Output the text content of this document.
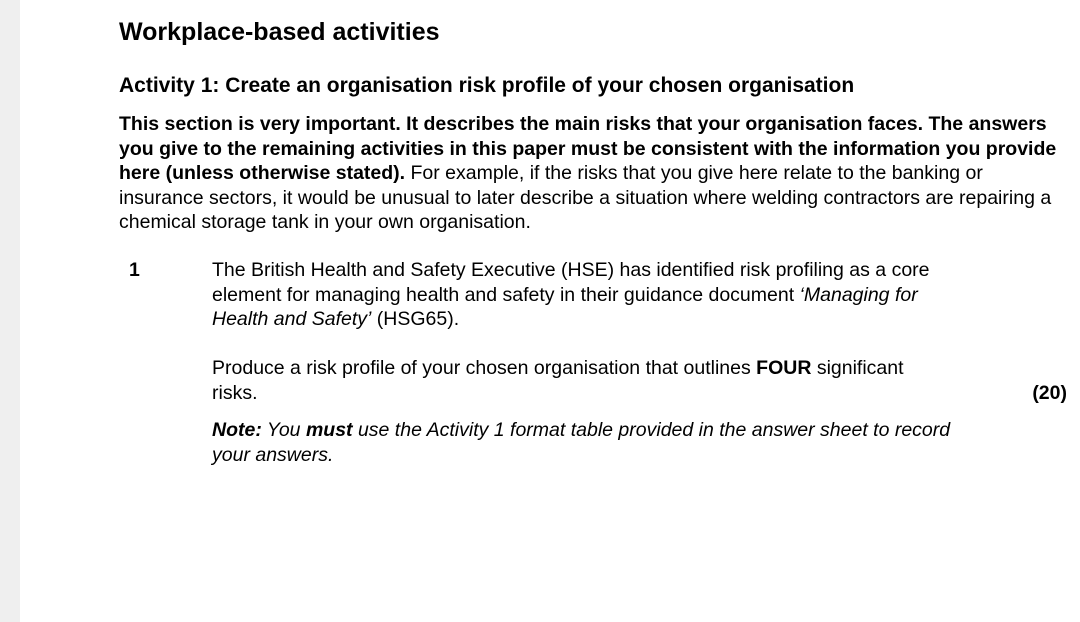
Workplace-based activities
Activity 1: Create an organisation risk profile of your chosen organisation

This section is very important. It describes the main risks that your organisation faces. The answers you give to the remaining activities in this paper must be consistent with the information you provide here (unless otherwise stated). For example, if the risks that you give here relate to the banking or insurance sectors, it would be unusual to later describe a situation where welding contractors are repairing a chemical storage tank in your own organisation.

1	The British Health and Safety Executive (HSE) has identified risk profiling as a core element for managing health and safety in their guidance document ‘Managing for Health and Safety’ (HSG65).

Produce a risk profile of your chosen organisation that outlines FOUR significant risks.	(20)

Note: You must use the Activity 1 format table provided in the answer sheet to record your answers.
